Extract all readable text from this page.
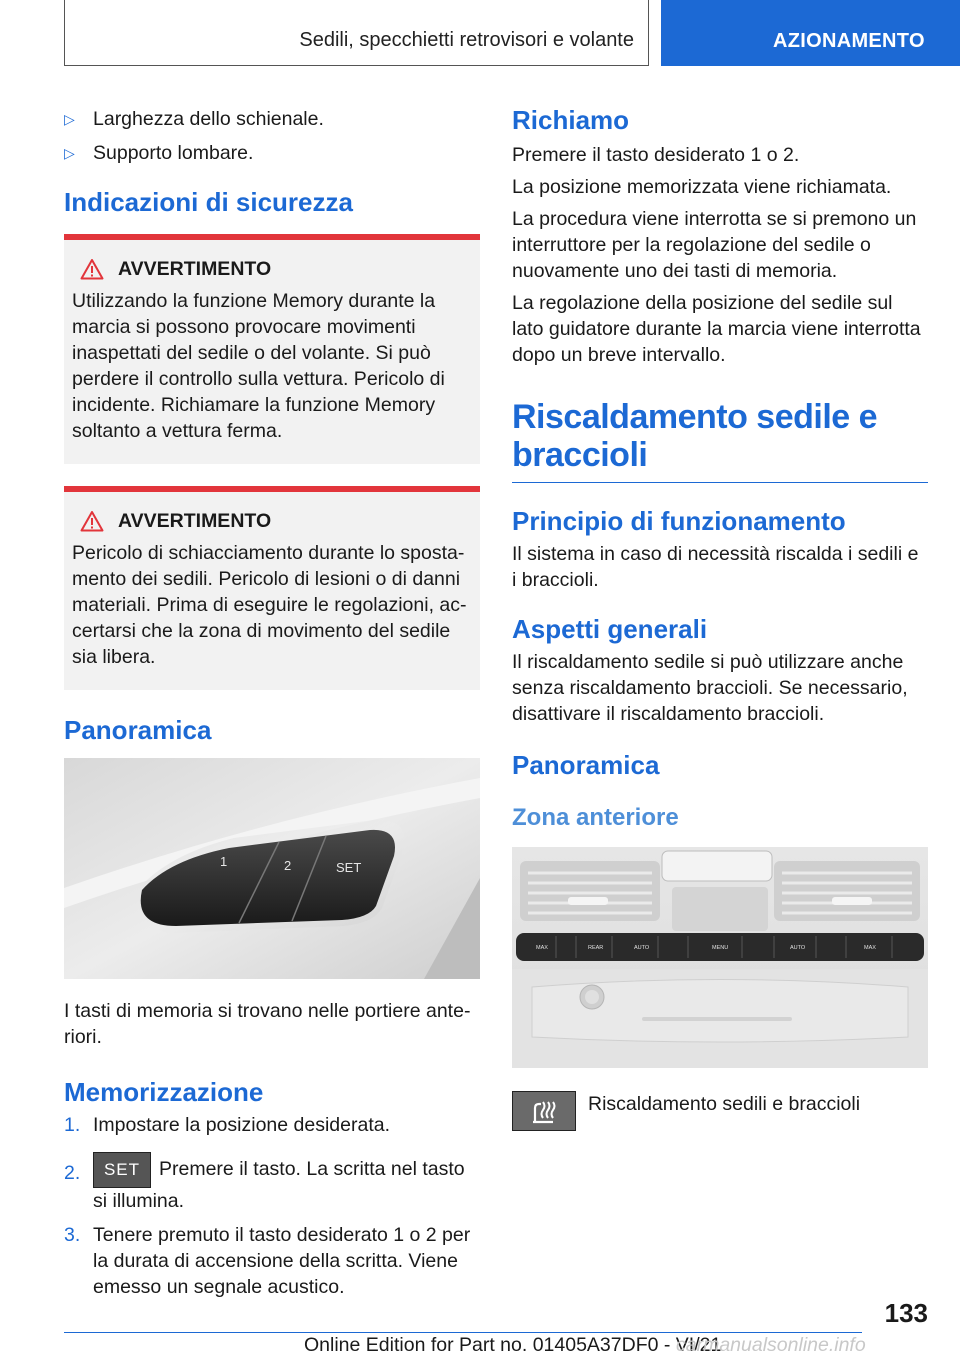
Sedili, specchietti retrovisori e volante	AZIONAMENTO
▷ Larghezza dello schienale.
▷ Supporto lombare.
Indicazioni di sicurezza
AVVERTIMENTO

Utilizzando la funzione Memory durante la marcia si possono provocare movimenti inaspettati del sedile o del volante. Si può perdere il controllo sulla vettura. Pericolo di incidente. Richiamare la funzione Memory soltanto a vettura ferma.

AVVERTIMENTO

Pericolo di schiacciamento durante lo spostamento dei sedili. Pericolo di lesioni o di danni materiali. Prima di eseguire le regolazioni, accertarsi che la zona di movimento del sedile sia libera.

Panoramica
1	2	SET

I tasti di memoria si trovano nelle portiere anteriori.

Memorizzazione
1. Impostare la posizione desiderata.
2.	SET Premere il tasto. La scritta nel tasto si illumina.
3. Tenere premuto il tasto desiderato 1 o 2 per la durata di accensione della scritta. Viene emesso un segnale acustico.
Richiamo

Premere il tasto desiderato 1 o 2.

La posizione memorizzata viene richiamata.

La procedura viene interrotta se si premono un interruttore per la regolazione del sedile o nuovamente uno dei tasti di memoria.

La regolazione della posizione del sedile sul lato guidatore durante la marcia viene interrotta dopo un breve intervallo.

Riscaldamento sedile e braccioli
Principio di funzionamento

Il sistema in caso di necessità riscalda i sedili e i braccioli.

Aspetti generali

Il riscaldamento sedile si può utilizzare anche senza riscaldamento braccioli. Se necessario, disattivare il riscaldamento braccioli.

Panoramica
Zona anteriore
MAX	REAR	AUTO	MENU	AUTO	MAX

Riscaldamento sedili e braccioli

133
Online Edition for Part no. 01405A37DF0 - VI/21
carmanualsonline.info
